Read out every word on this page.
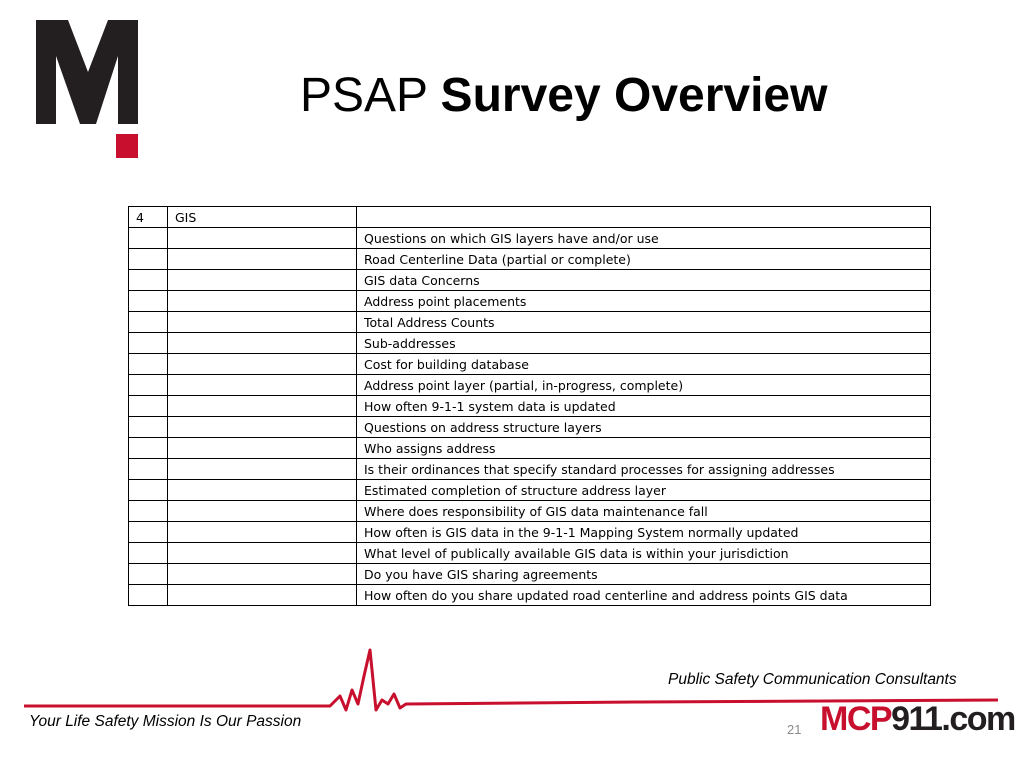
PSAP Survey Overview
4	GIS	
		Questions on which GIS layers have and/or use
		Road Centerline Data (partial or complete)
		GIS data Concerns
		Address point placements
		Total Address Counts
		Sub-addresses
		Cost for building database
		Address point layer (partial, in-progress, complete)
		How often 9-1-1 system data is updated
		Questions on address structure layers
		Who assigns address
		Is their ordinances that specify standard processes for assigning addresses
		Estimated completion of structure address layer
		Where does responsibility of GIS data maintenance fall
		How often is GIS data in the 9-1-1 Mapping System normally updated
		What level of publically available GIS data is within your jurisdiction
		Do you have GIS sharing agreements
		How often do you share updated road centerline and address points GIS data
Public Safety Communication Consultants
Your Life Safety Mission Is Our Passion	21 MCP911.com
